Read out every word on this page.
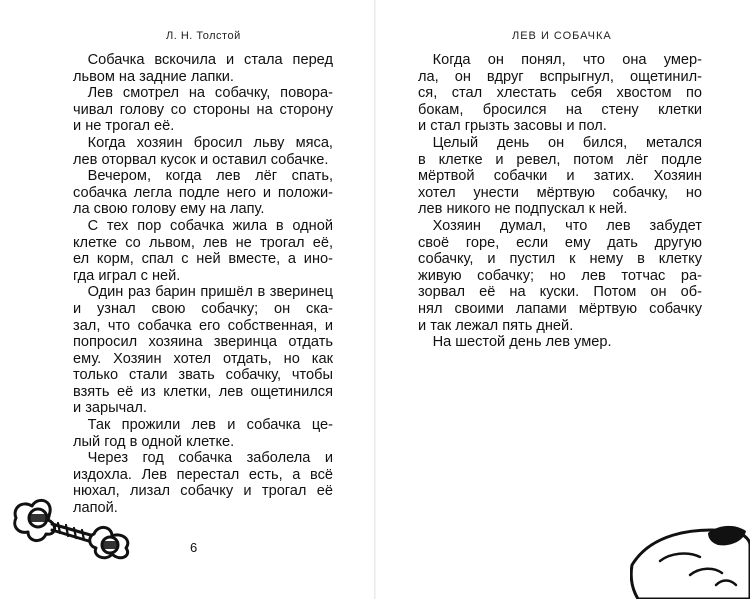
Л. Н. Толстой	ЛЕВ И СОБАЧКА

 Собачка вскочила и стала перед
львом на задние лапки.

 Лев смотрел на собачку, повора-
чивал голову со стороны на сторону
и не трогал её.

 Когда хозяин бросил льву мяса,
лев оторвал кусок и оставил собачке.

 Вечером, когда лев лёг спать,
собачка легла подле него и положи-
ла свою голову ему на лапу.

 С тех пор собачка жила в одной
клетке со львом, лев не трогал её,
ел корм, спал с ней вместе, а ино-
гда играл с ней.

 Один раз барин пришёл в зверинец
и узнал свою собачку; он ска-
зал, что собачка его собственная, и
попросил хозяина зверинца отдать
ему. Хозяин хотел отдать, но как
только стали звать собачку, чтобы
взять её из клетки, лев ощетинился
и зарычал.

 Так прожили лев и собачка це-
лый год в одной клетке.

 Через год собачка заболела и
издохла. Лев перестал есть, а всё
нюхал, лизал собачку и трогал её
лапой.

 Когда он понял, что она умер-
ла, он вдруг вспрыгнул, ощетинил-
ся, стал хлестать себя хвостом по
бокам, бросился на стену клетки
и стал грызть засовы и пол.

 Целый день он бился, метался
в клетке и ревел, потом лёг подле
мёртвой собачки и затих. Хозяин
хотел унести мёртвую собачку, но
лев никого не подпускал к ней.

 Хозяин думал, что лев забудет
своё горе, если ему дать другую
собачку, и пустил к нему в клетку
живую собачку; но лев тотчас ра-
зорвал её на куски. Потом он об-
нял своими лапами мёртвую собачку
и так лежал пять дней.

 На шестой день лев умер.

6
